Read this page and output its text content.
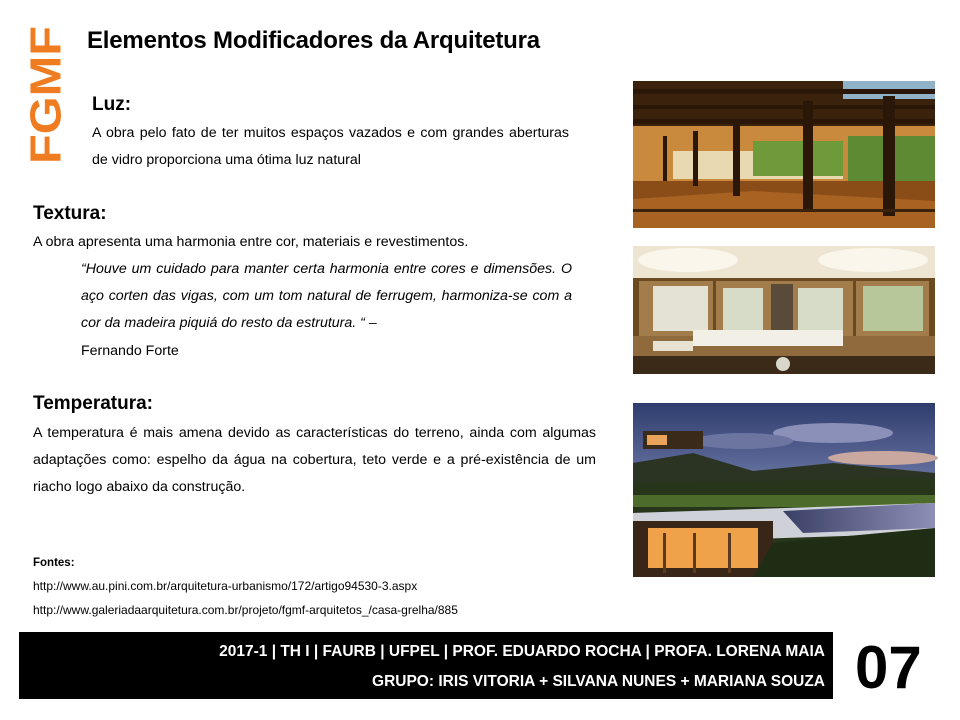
FGMF Elementos Modificadores da Arquitetura
Luz:
A obra pelo fato de ter muitos espaços vazados e com grandes aberturas de vidro proporciona uma ótima luz natural
Textura:
A obra apresenta uma harmonia entre cor, materiais e revestimentos.
“Houve um cuidado para manter certa harmonia entre cores e dimensões. O aço corten das vigas, com um tom natural de ferrugem, harmoniza-se com a cor da madeira piquiá do resto da estrutura. “ –
Fernando Forte
Temperatura:
A temperatura é mais amena devido as características do terreno, ainda com algumas adaptações como: espelho da água na cobertura, teto verde e a pré-existência de um riacho logo abaixo da construção.
Fontes:
http://www.au.pini.com.br/arquitetura-urbanismo/172/artigo94530-3.aspx
http://www.galeriadaarquitetura.com.br/projeto/fgmf-arquitetos_/casa-grelha/885
2017-1 | TH I | FAURB | UFPEL | PROF. EDUARDO ROCHA | PROFA. LORENA MAIA
GRUPO: IRIS VITORIA + SILVANA NUNES + MARIANA SOUZA 07
